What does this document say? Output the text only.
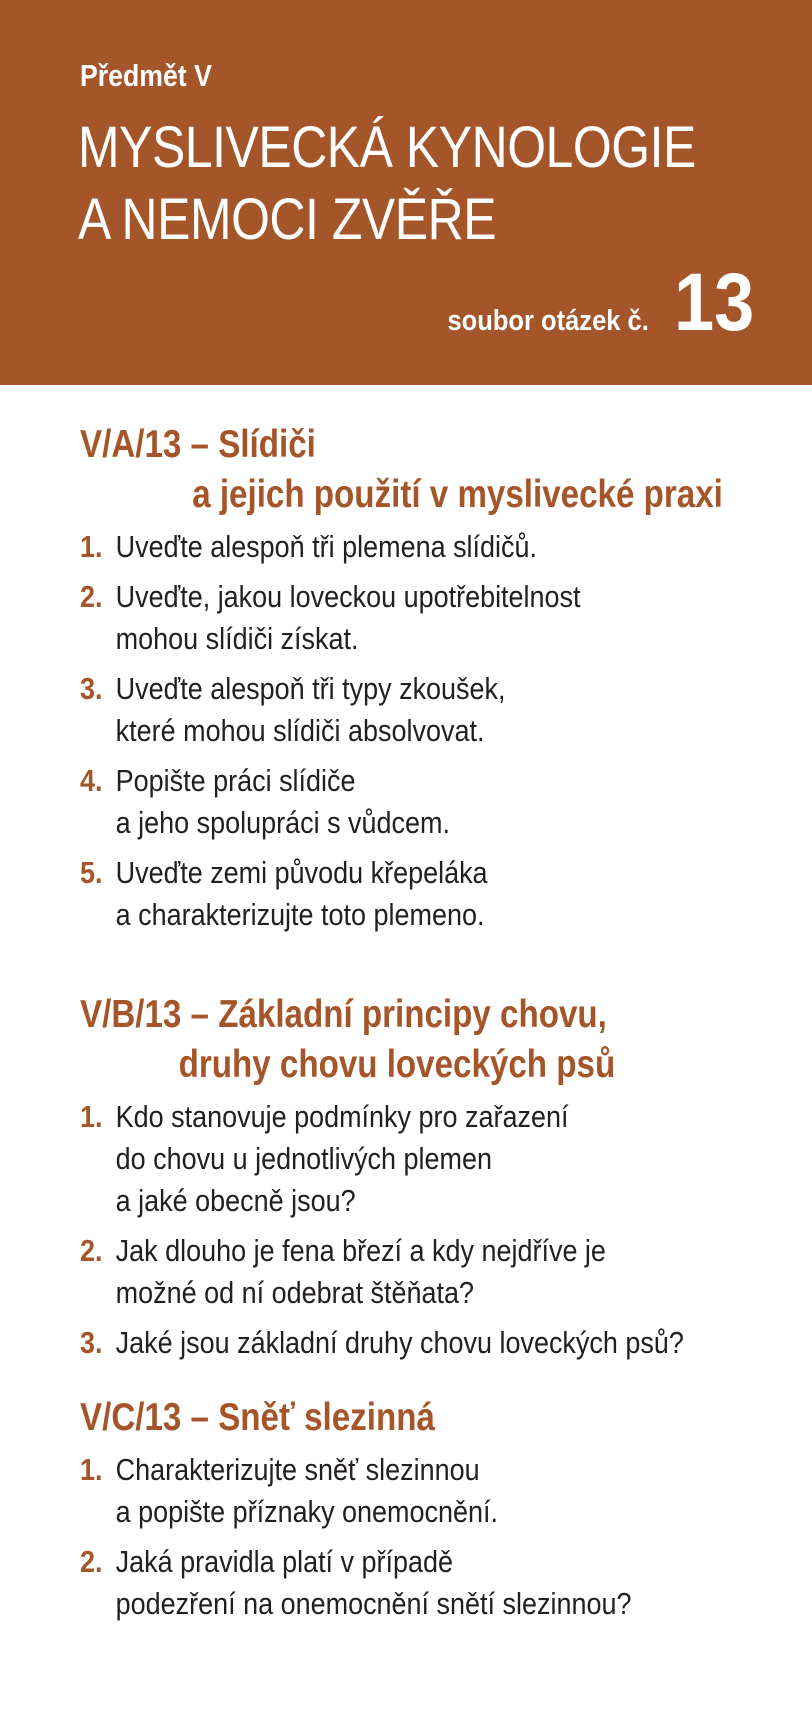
Předmět V
MYSLIVECKÁ KYNOLOGIE
A NEMOCI ZVĚŘE
soubor otázek č. 13
V/A/13 – Slídiči
a jejich použití v myslivecké praxi
1. Uveďte alespoň tři plemena slídičů.
2. Uveďte, jakou loveckou upotřebitelnost
mohou slídiči získat.
3. Uveďte alespoň tři typy zkoušek,
které mohou slídiči absolvovat.
4. Popište práci slídiče
a jeho spolupráci s vůdcem.
5. Uveďte zemi původu křepeláka
a charakterizujte toto plemeno.
V/B/13 – Základní principy chovu,
druhy chovu loveckých psů
1. Kdo stanovuje podmínky pro zařazení
do chovu u jednotlivých plemen
a jaké obecně jsou?
2. Jak dlouho je fena březí a kdy nejdříve je
možné od ní odebrat štěňata?
3. Jaké jsou základní druhy chovu loveckých psů?
V/C/13 – Sněť slezinná
1. Charakterizujte sněť slezinnou
a popište příznaky onemocnění.
2. Jaká pravidla platí v případě
podezření na onemocnění snětí slezinnou?
